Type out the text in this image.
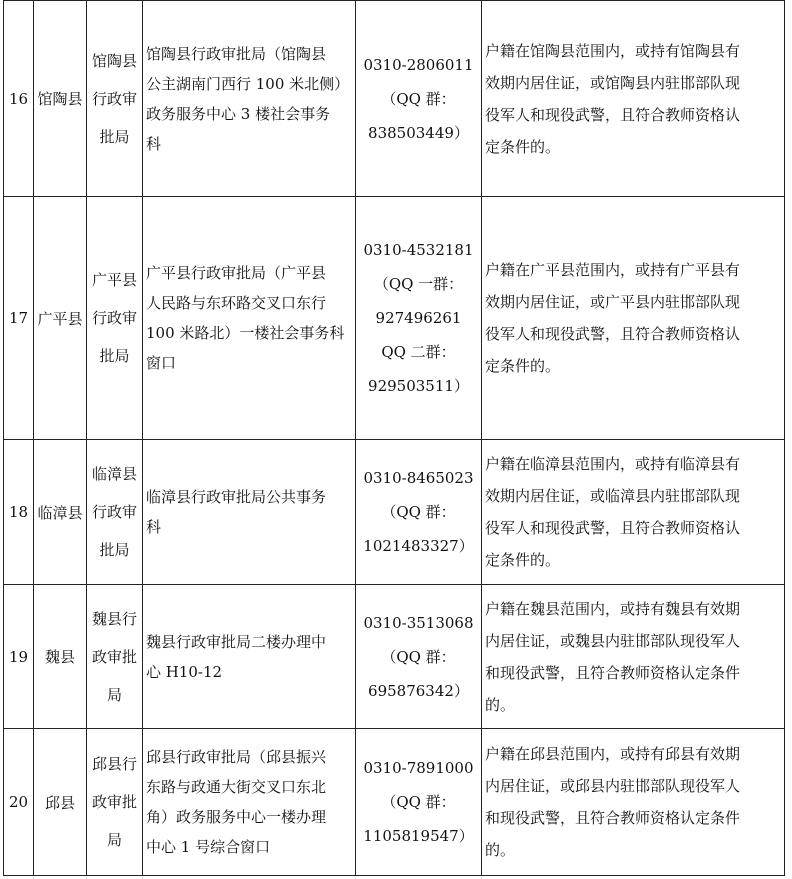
16	馆陶县	馆陶县
行政审
批局	馆陶县行政审批局（馆陶县
公主湖南门西行 100 米北侧）
政务服务中心 3 楼社会事务
科	0310-2806011
（QQ 群：
838503449）	户籍在馆陶县范围内，或持有馆陶县有
效期内居住证，或馆陶县内驻邯部队现
役军人和现役武警，且符合教师资格认
定条件的。

17	广平县	广平县
行政审
批局	广平县行政审批局（广平县
人民路与东环路交叉口东行
100 米路北）一楼社会事务科
窗口	0310-4532181
（QQ 一群：
927496261
QQ 二群：
929503511）	户籍在广平县范围内，或持有广平县有
效期内居住证，或广平县内驻邯部队现
役军人和现役武警，且符合教师资格认
定条件的。

18	临漳县	临漳县
行政审
批局	临漳县行政审批局公共事务
科	0310-8465023
（QQ 群：
1021483327）	户籍在临漳县范围内，或持有临漳县有
效期内居住证，或临漳县内驻邯部队现
役军人和现役武警，且符合教师资格认
定条件的。

19	魏县	魏县行
政审批
局	魏县行政审批局二楼办理中
心 H10-12	0310-3513068
（QQ 群：
695876342）	户籍在魏县范围内，或持有魏县有效期
内居住证，或魏县内驻邯部队现役军人
和现役武警，且符合教师资格认定条件
的。

20	邱县	邱县行
政审批
局	邱县行政审批局（邱县振兴
东路与政通大街交叉口东北
角）政务服务中心一楼办理
中心 1 号综合窗口	0310-7891000
（QQ 群：
1105819547）	户籍在邱县范围内，或持有邱县有效期
内居住证，或邱县内驻邯部队现役军人
和现役武警，且符合教师资格认定条件
的。
